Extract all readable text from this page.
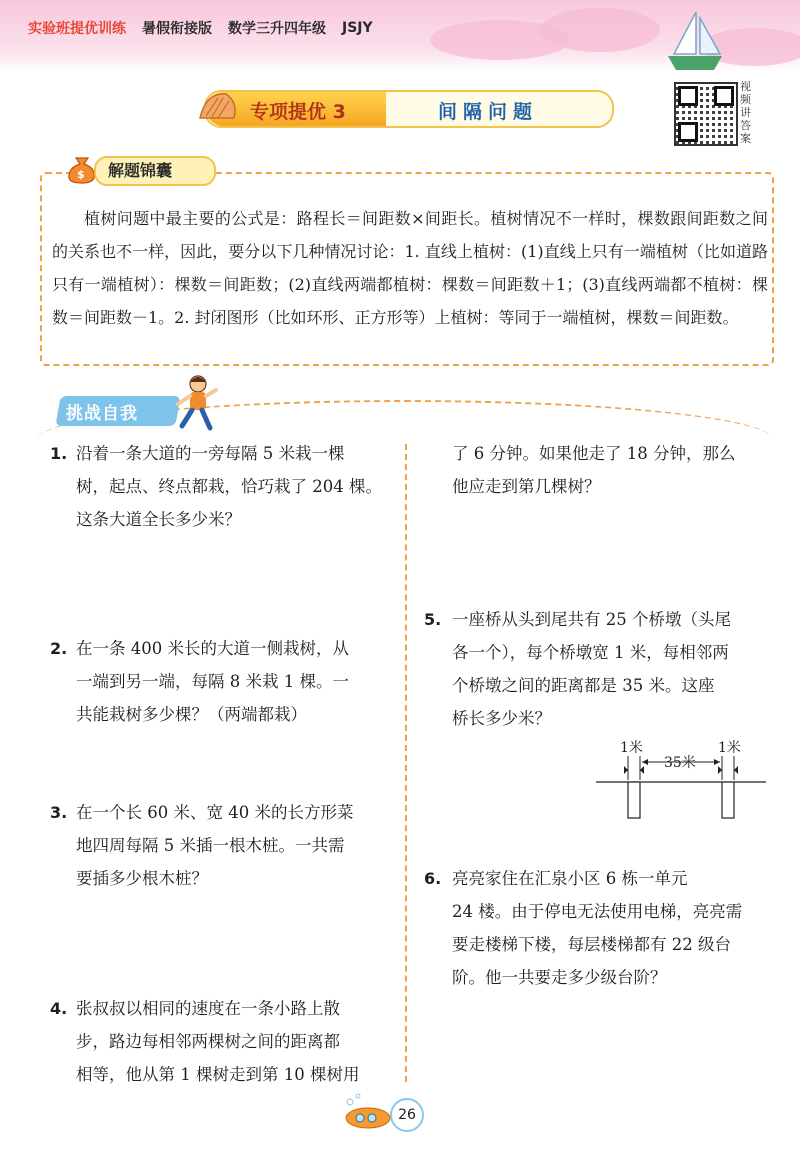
实验班提优训练 暑假衔接版 数学三升四年级 JSJY
视频讲答案
专项提优 3	间隔问题
$ 解题锦囊

植树问题中最主要的公式是：路程长＝间距数×间距长。植树情况不一样时，棵数跟间距数之间的关系也不一样，因此，要分以下几种情况讨论：1. 直线上植树：(1)直线上只有一端植树（比如道路只有一端植树）：棵数＝间距数；(2)直线两端都植树：棵数＝间距数＋1；(3)直线两端都不植树：棵数＝间距数－1。2. 封闭图形（比如环形、正方形等）上植树：等同于一端植树，棵数＝间距数。

挑战自我
1. 沿着一条大道的一旁每隔 5 米栽一棵
树，起点、终点都栽，恰巧栽了 204 棵。
这条大道全长多少米？
2. 在一条 400 米长的大道一侧栽树，从
一端到另一端，每隔 8 米栽 1 棵。一
共能栽树多少棵？（两端都栽）
3. 在一个长 60 米、宽 40 米的长方形菜
地四周每隔 5 米插一根木桩。一共需
要插多少根木桩？
4. 张叔叔以相同的速度在一条小路上散
步，路边每相邻两棵树之间的距离都
相等，他从第 1 棵树走到第 10 棵树用
了 6 分钟。如果他走了 18 分钟，那么
他应走到第几棵树？
5. 一座桥从头到尾共有 25 个桥墩（头尾
各一个），每个桥墩宽 1 米，每相邻两
个桥墩之间的距离都是 35 米。这座
桥长多少米？
1米
35米
1米
6. 亮亮家住在汇泉小区 6 栋一单元
24 楼。由于停电无法使用电梯，亮亮需
要走楼梯下楼，每层楼梯都有 22 级台
阶。他一共要走多少级台阶？
26
